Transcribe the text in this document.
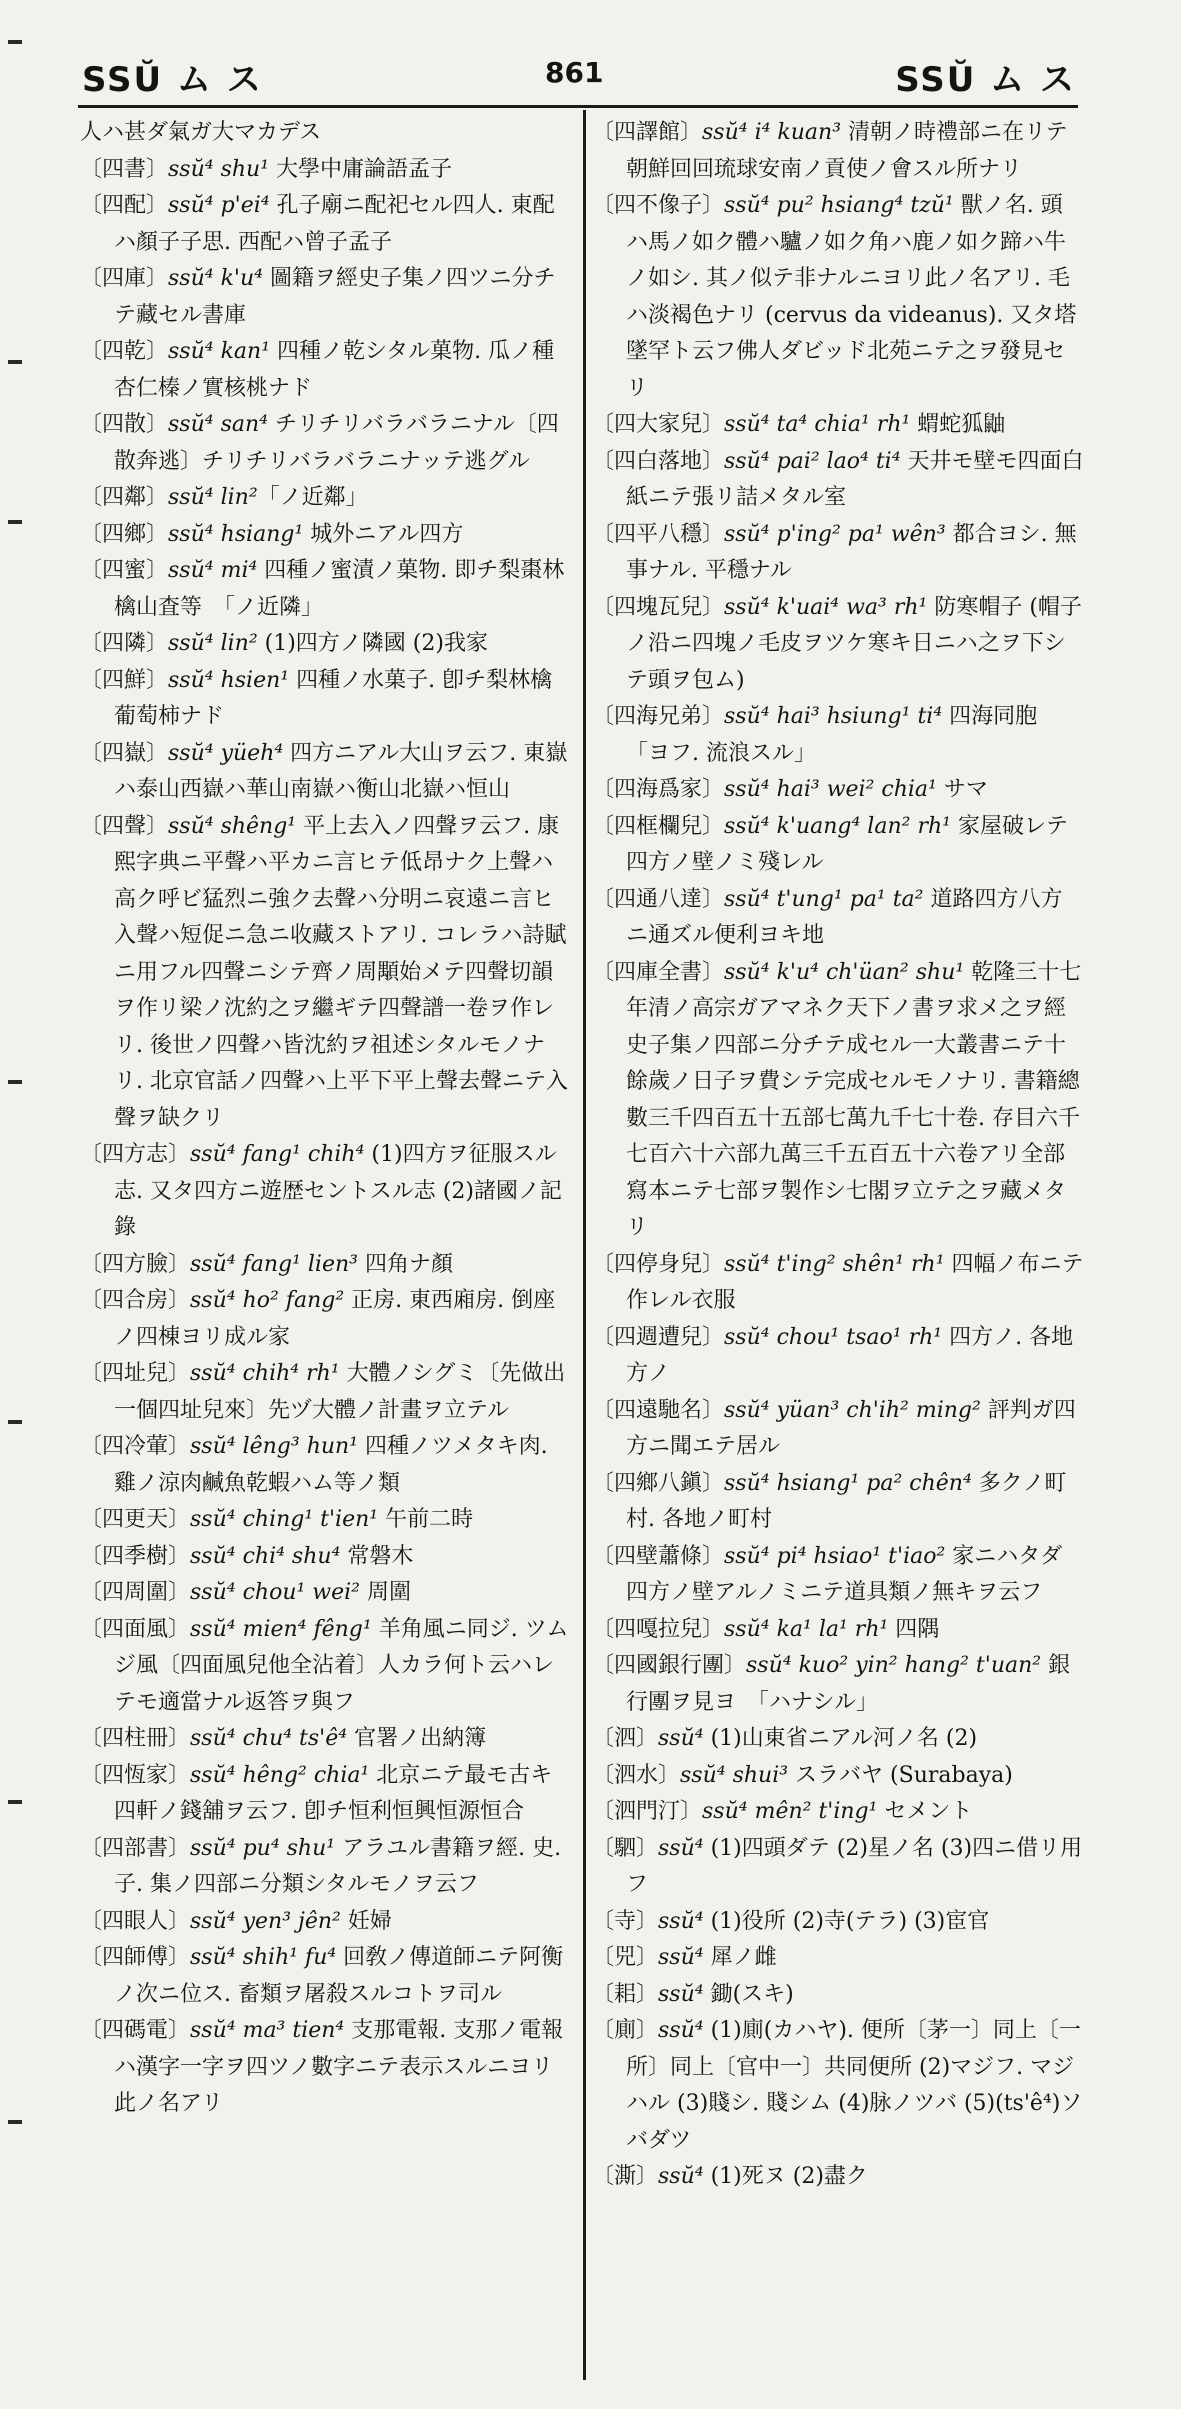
SSŬ ム ス	861	SSŬ ム ス

人ハ甚ダ氣ガ大マカデス

〔四書〕ssŭ⁴ shu¹ 大學中庸論語孟子

〔四配〕ssŭ⁴ p'ei⁴ 孔子廟ニ配祀セル四人. 東配ハ顏子子思. 西配ハ曾子孟子

〔四庫〕ssŭ⁴ k'u⁴ 圖籍ヲ經史子集ノ四ツニ分チテ藏セル書庫

〔四乾〕ssŭ⁴ kan¹ 四種ノ乾シタル菓物. 瓜ノ種杏仁榛ノ實核桃ナド

〔四散〕ssŭ⁴ san⁴ チリチリバラバラニナル〔四散奔逃〕チリチリバラバラニナッテ逃グル

〔四鄰〕ssŭ⁴ lin²「ノ近鄰」

〔四鄉〕ssŭ⁴ hsiang¹ 城外ニアル四方

〔四蜜〕ssŭ⁴ mi⁴ 四種ノ蜜漬ノ菓物. 即チ梨棗林檎山査等　「ノ近隣」

〔四隣〕ssŭ⁴ lin² (1)四方ノ隣國 (2)我家

〔四鮮〕ssŭ⁴ hsien¹ 四種ノ水菓子. 卽チ梨林檎葡萄柿ナド

〔四嶽〕ssŭ⁴ yüeh⁴ 四方ニアル大山ヲ云フ. 東嶽ハ泰山西嶽ハ華山南嶽ハ衡山北嶽ハ恒山

〔四聲〕ssŭ⁴ shêng¹ 平上去入ノ四聲ヲ云フ. 康熙字典ニ平聲ハ平カニ言ヒテ低昂ナク上聲ハ高ク呼ビ猛烈ニ強ク去聲ハ分明ニ哀遠ニ言ヒ入聲ハ短促ニ急ニ收藏ストアリ. コレラハ詩賦ニ用フル四聲ニシテ齊ノ周顒始メテ四聲切韻ヲ作リ梁ノ沈約之ヲ繼ギテ四聲譜一卷ヲ作レリ. 後世ノ四聲ハ皆沈約ヲ祖述シタルモノナリ. 北京官話ノ四聲ハ上平下平上聲去聲ニテ入聲ヲ缺クリ

〔四方志〕ssŭ⁴ fang¹ chih⁴ (1)四方ヲ征服スル志. 又タ四方ニ遊歴セントスル志 (2)諸國ノ記錄

〔四方臉〕ssŭ⁴ fang¹ lien³ 四角ナ顏

〔四合房〕ssŭ⁴ ho² fang² 正房. 東西廂房. 倒座ノ四棟ヨリ成ル家

〔四址兒〕ssŭ⁴ chih⁴ rh¹ 大體ノシグミ〔先做出一個四址兒來〕先ヅ大體ノ計畫ヲ立テル

〔四冷葷〕ssŭ⁴ lêng³ hun¹ 四種ノツメタキ肉. 雞ノ涼肉鹹魚乾蝦ハム等ノ類

〔四更天〕ssŭ⁴ ching¹ t'ien¹ 午前二時

〔四季樹〕ssŭ⁴ chi⁴ shu⁴ 常磐木

〔四周圍〕ssŭ⁴ chou¹ wei² 周圍

〔四面風〕ssŭ⁴ mien⁴ fêng¹ 羊角風ニ同ジ. ツムジ風〔四面風兒他全沾着〕人カラ何ト云ハレテモ適當ナル返答ヲ與フ

〔四柱冊〕ssŭ⁴ chu⁴ ts'ê⁴ 官署ノ出納簿

〔四恆家〕ssŭ⁴ hêng² chia¹ 北京ニテ最モ古キ四軒ノ錢舖ヲ云フ. 卽チ恒利恒興恒源恒合

〔四部書〕ssŭ⁴ pu⁴ shu¹ アラユル書籍ヲ經. 史. 子. 集ノ四部ニ分類シタルモノヲ云フ

〔四眼人〕ssŭ⁴ yen³ jên² 妊婦

〔四師傅〕ssŭ⁴ shih¹ fu⁴ 回敎ノ傳道師ニテ阿衡ノ次ニ位ス. 畜類ヲ屠殺スルコトヲ司ル

〔四碼電〕ssŭ⁴ ma³ tien⁴ 支那電報. 支那ノ電報ハ漢字一字ヲ四ツノ數字ニテ表示スルニヨリ此ノ名アリ

〔四譯館〕ssŭ⁴ i⁴ kuan³ 清朝ノ時禮部ニ在リテ朝鮮回回琉球安南ノ貢使ノ會スル所ナリ

〔四不像子〕ssŭ⁴ pu² hsiang⁴ tzŭ¹ 獸ノ名. 頭ハ馬ノ如ク體ハ驢ノ如ク角ハ鹿ノ如ク蹄ハ牛ノ如シ. 其ノ似テ非ナルニヨリ此ノ名アリ. 毛ハ淡褐色ナリ (cervus da videanus). 又タ塔墜罕ト云フ佛人ダビッド北苑ニテ之ヲ發見セリ

〔四大家兒〕ssŭ⁴ ta⁴ chia¹ rh¹ 蝟蛇狐鼬

〔四白落地〕ssŭ⁴ pai² lao⁴ ti⁴ 天井モ壁モ四面白紙ニテ張リ詰メタル室

〔四平八穩〕ssŭ⁴ p'ing² pa¹ wên³ 都合ヨシ. 無事ナル. 平穩ナル

〔四塊瓦兒〕ssŭ⁴ k'uai⁴ wa³ rh¹ 防寒帽子 (帽子ノ沿ニ四塊ノ毛皮ヲツケ寒キ日ニハ之ヲ下シテ頭ヲ包ム)

〔四海兄弟〕ssŭ⁴ hai³ hsiung¹ ti⁴ 四海同胞　「ヨフ. 流浪スル」

〔四海爲家〕ssŭ⁴ hai³ wei² chia¹ サマ

〔四框欄兒〕ssŭ⁴ k'uang⁴ lan² rh¹ 家屋破レテ四方ノ壁ノミ殘レル

〔四通八達〕ssŭ⁴ t'ung¹ pa¹ ta² 道路四方八方ニ通ズル便利ヨキ地

〔四庫全書〕ssŭ⁴ k'u⁴ ch'üan² shu¹ 乾隆三十七年清ノ高宗ガアマネク天下ノ書ヲ求メ之ヲ經史子集ノ四部ニ分チテ成セル一大叢書ニテ十餘歲ノ日子ヲ費シテ完成セルモノナリ. 書籍總數三千四百五十五部七萬九千七十卷. 存目六千七百六十六部九萬三千五百五十六卷アリ全部寫本ニテ七部ヲ製作シ七閣ヲ立テ之ヲ藏メタリ

〔四停身兒〕ssŭ⁴ t'ing² shên¹ rh¹ 四幅ノ布ニテ作レル衣服

〔四週遭兒〕ssŭ⁴ chou¹ tsao¹ rh¹ 四方ノ. 各地方ノ

〔四遠馳名〕ssŭ⁴ yüan³ ch'ih² ming² 評判ガ四方ニ聞エテ居ル

〔四鄉八鎭〕ssŭ⁴ hsiang¹ pa² chên⁴ 多クノ町村. 各地ノ町村

〔四壁蕭條〕ssŭ⁴ pi⁴ hsiao¹ t'iao² 家ニハタダ四方ノ壁アルノミニテ道具類ノ無キヲ云フ

〔四嘎拉兒〕ssŭ⁴ ka¹ la¹ rh¹ 四隅

〔四國銀行團〕ssŭ⁴ kuo² yin² hang² t'uan² 銀行團ヲ見ヨ　「ハナシル」

〔泗〕ssŭ⁴ (1)山東省ニアル河ノ名 (2)

〔泗水〕ssŭ⁴ shui³ スラバヤ (Surabaya)

〔泗門汀〕ssŭ⁴ mên² t'ing¹ セメント

〔駟〕ssŭ⁴ (1)四頭ダテ (2)星ノ名 (3)四ニ借リ用フ

〔寺〕ssŭ⁴ (1)役所 (2)寺(テラ) (3)宦官

〔兕〕ssŭ⁴ 犀ノ雌

〔耜〕ssŭ⁴ 鋤(スキ)

〔廁〕ssŭ⁴ (1)廁(カハヤ). 便所〔茅一〕同上〔一所〕同上〔官中一〕共同便所 (2)マジフ. マジハル (3)賤シ. 賤シム (4)脉ノツバ (5)(ts'ê⁴)ソバダツ

〔澌〕ssŭ⁴ (1)死ヌ (2)盡ク
